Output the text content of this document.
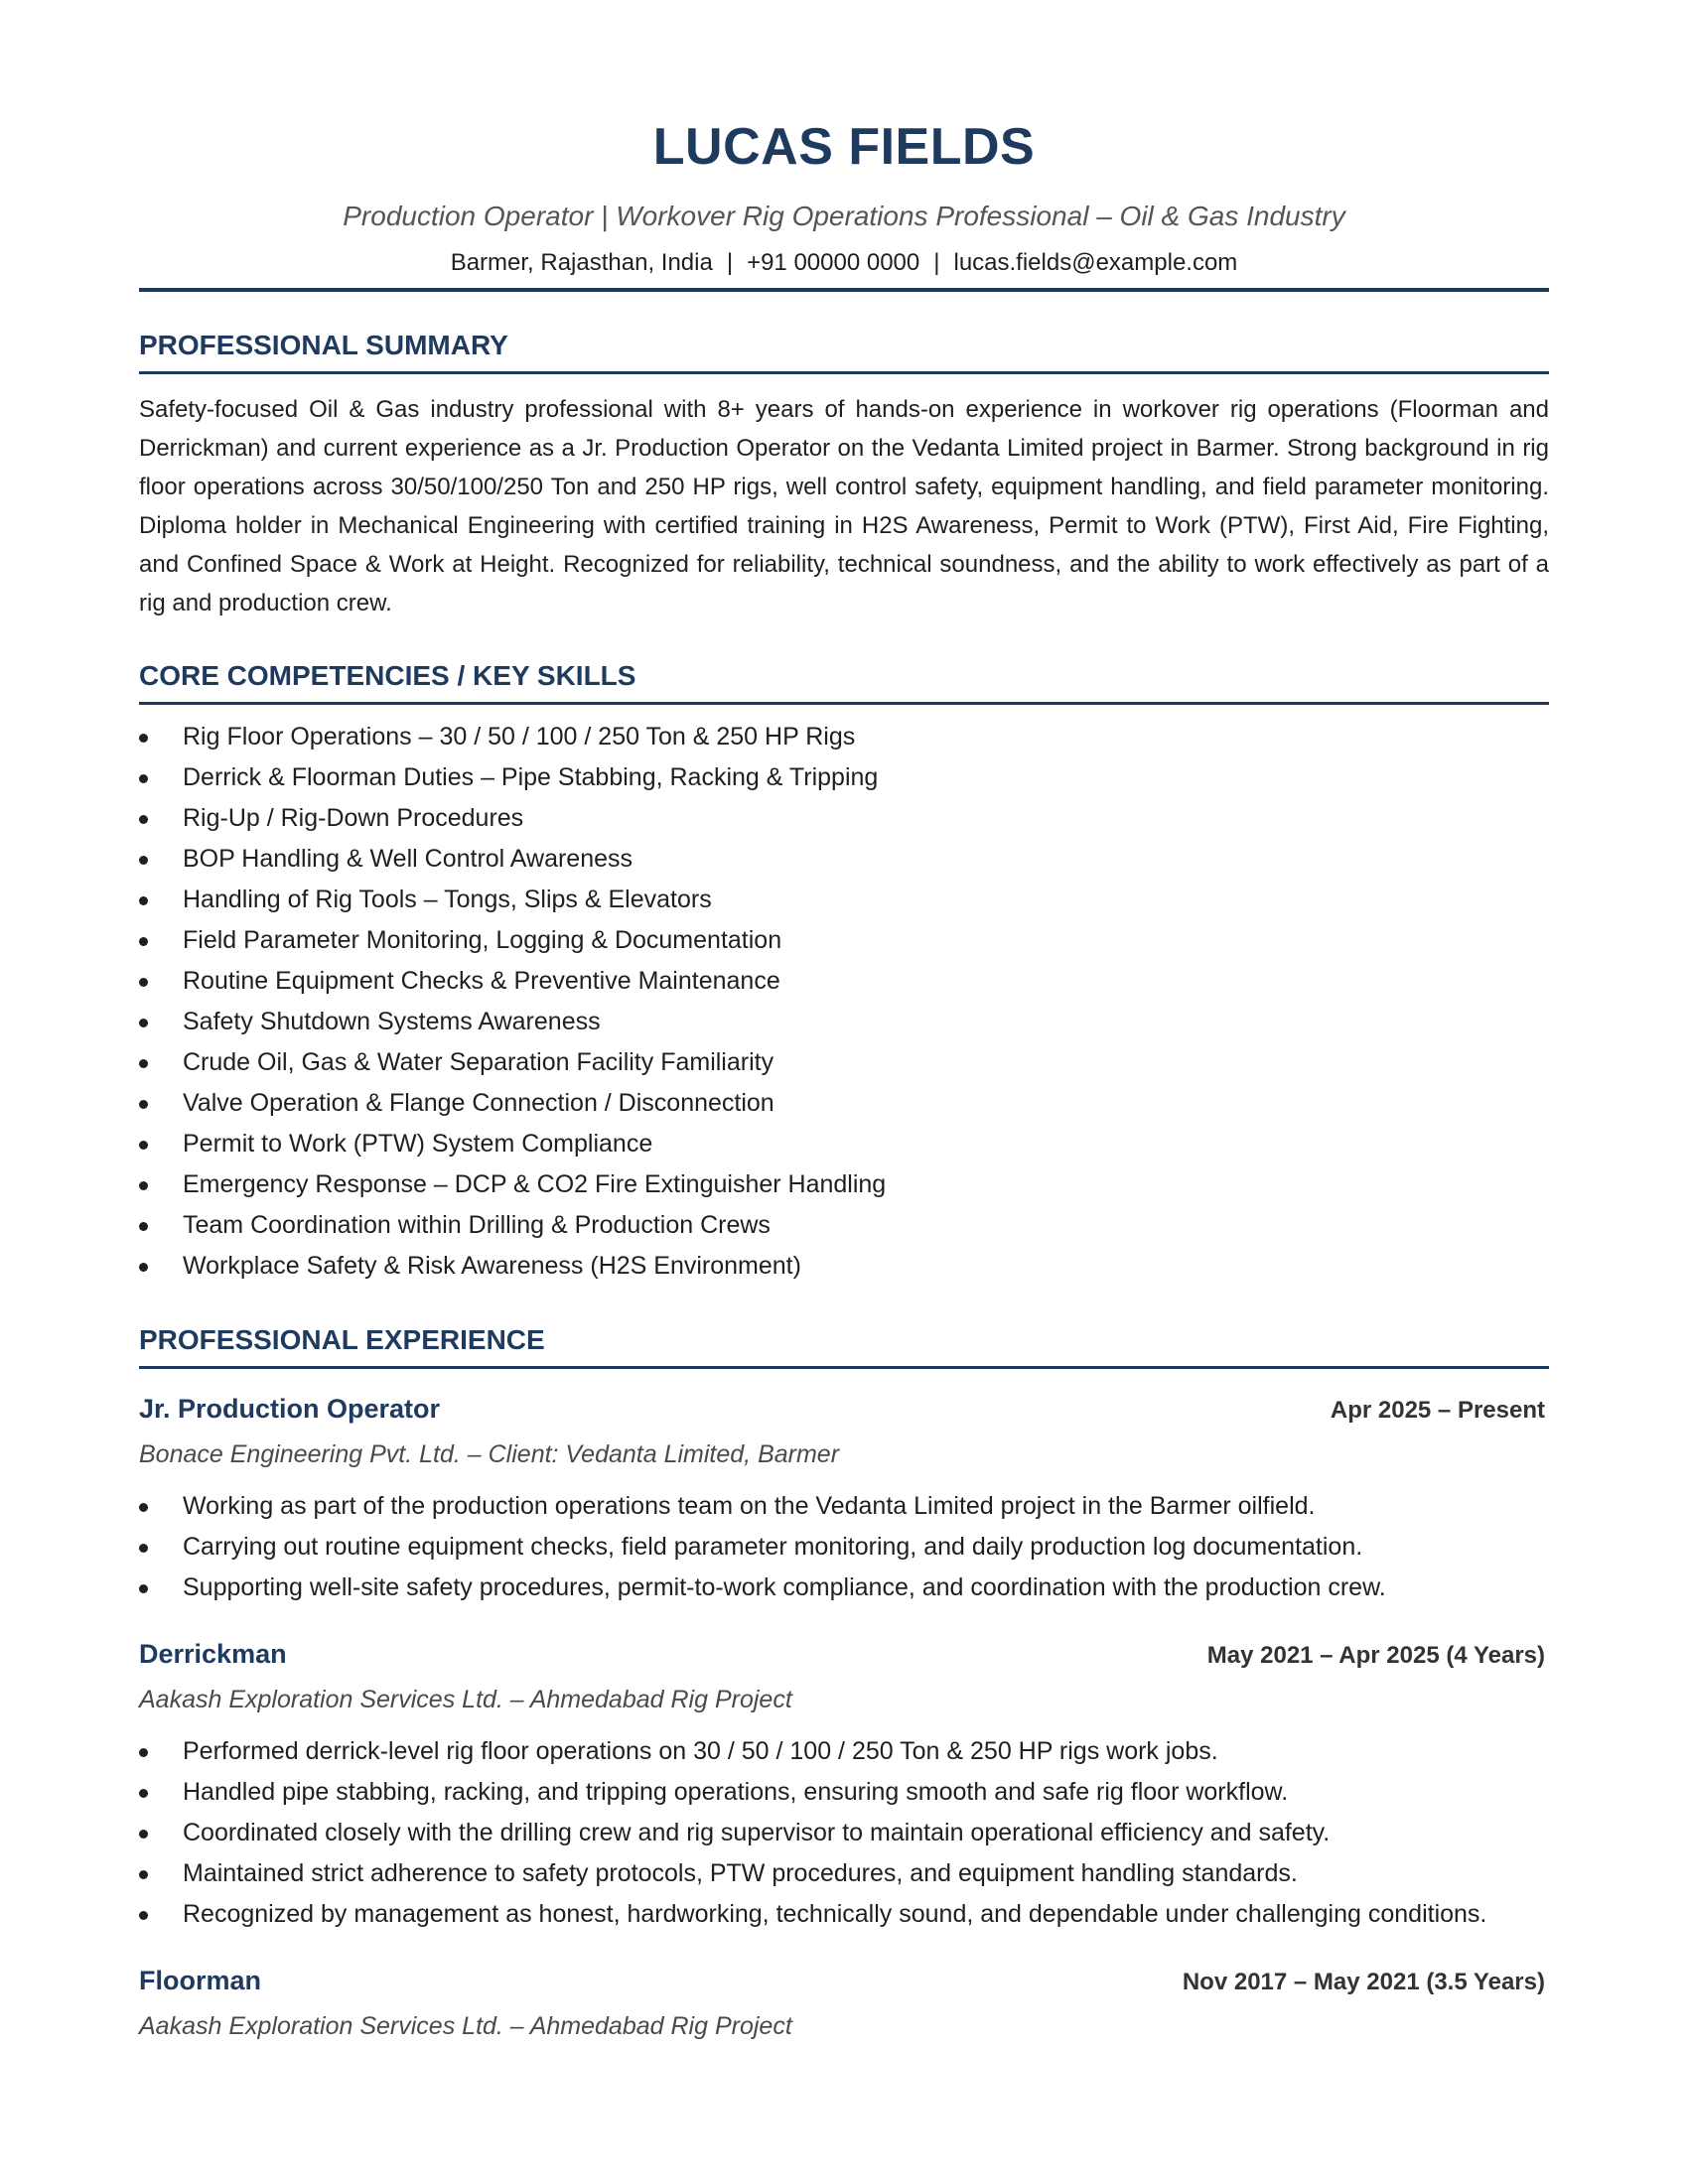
LUCAS FIELDS
Production Operator | Workover Rig Operations Professional – Oil & Gas Industry
Barmer, Rajasthan, India | +91 00000 0000 | lucas.fields@example.com
PROFESSIONAL SUMMARY
Safety-focused Oil & Gas industry professional with 8+ years of hands-on experience in workover rig operations (Floorman and Derrickman) and current experience as a Jr. Production Operator on the Vedanta Limited project in Barmer. Strong background in rig floor operations across 30/50/100/250 Ton and 250 HP rigs, well control safety, equipment handling, and field parameter monitoring. Diploma holder in Mechanical Engineering with certified training in H2S Awareness, Permit to Work (PTW), First Aid, Fire Fighting, and Confined Space & Work at Height. Recognized for reliability, technical soundness, and the ability to work effectively as part of a rig and production crew.
CORE COMPETENCIES / KEY SKILLS
Rig Floor Operations – 30 / 50 / 100 / 250 Ton & 250 HP Rigs
Derrick & Floorman Duties – Pipe Stabbing, Racking & Tripping
Rig-Up / Rig-Down Procedures
BOP Handling & Well Control Awareness
Handling of Rig Tools – Tongs, Slips & Elevators
Field Parameter Monitoring, Logging & Documentation
Routine Equipment Checks & Preventive Maintenance
Safety Shutdown Systems Awareness
Crude Oil, Gas & Water Separation Facility Familiarity
Valve Operation & Flange Connection / Disconnection
Permit to Work (PTW) System Compliance
Emergency Response – DCP & CO2 Fire Extinguisher Handling
Team Coordination within Drilling & Production Crews
Workplace Safety & Risk Awareness (H2S Environment)
PROFESSIONAL EXPERIENCE
Jr. Production Operator	Apr 2025 – Present
Bonace Engineering Pvt. Ltd. – Client: Vedanta Limited, Barmer
Working as part of the production operations team on the Vedanta Limited project in the Barmer oilfield.
Carrying out routine equipment checks, field parameter monitoring, and daily production log documentation.
Supporting well-site safety procedures, permit-to-work compliance, and coordination with the production crew.
Derrickman	May 2021 – Apr 2025 (4 Years)
Aakash Exploration Services Ltd. – Ahmedabad Rig Project
Performed derrick-level rig floor operations on 30 / 50 / 100 / 250 Ton & 250 HP rigs work jobs.
Handled pipe stabbing, racking, and tripping operations, ensuring smooth and safe rig floor workflow.
Coordinated closely with the drilling crew and rig supervisor to maintain operational efficiency and safety.
Maintained strict adherence to safety protocols, PTW procedures, and equipment handling standards.
Recognized by management as honest, hardworking, technically sound, and dependable under challenging conditions.
Floorman	Nov 2017 – May 2021 (3.5 Years)
Aakash Exploration Services Ltd. – Ahmedabad Rig Project
